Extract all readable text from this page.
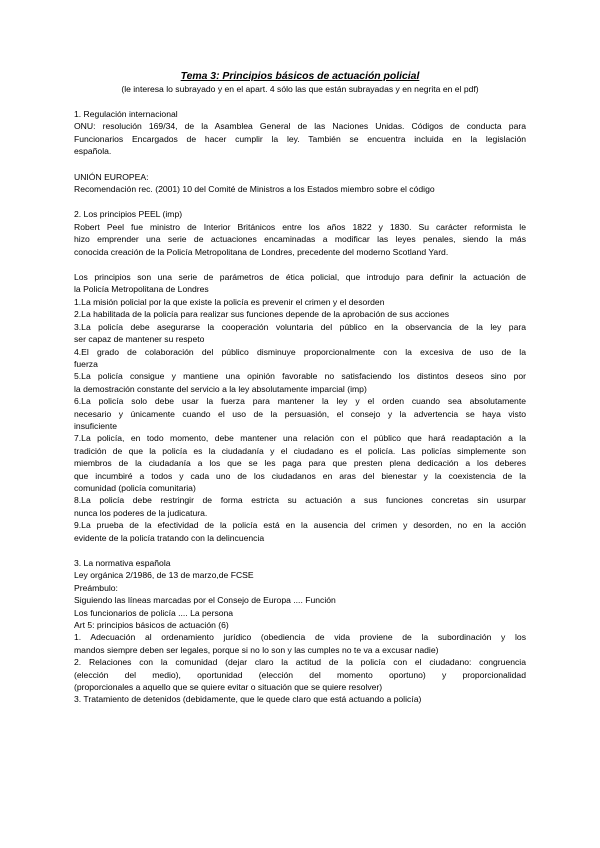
Tema 3: Principios básicos de actuación policial

(le interesa lo subrayado y en el apart. 4 sólo las que están subrayadas y en negrita en el pdf)

1. Regulación internacional

ONU: resolución 169/34, de la Asamblea General de las Naciones Unidas. Códigos de conducta para

Funcionarios Encargados de hacer cumplir la ley. También se encuentra incluida en la legislación

española.

UNIÓN EUROPEA:

Recomendación rec. (2001) 10 del Comité de Ministros a los Estados miembro sobre el código

2. Los principios PEEL (imp)

Robert Peel fue ministro de Interior Británicos entre los años 1822 y 1830. Su carácter reformista le

hizo emprender una serie de actuaciones encaminadas a modificar las leyes penales, siendo la más

conocida creación de la Policía Metropolitana de Londres, precedente del moderno Scotland Yard.

Los principios son una serie de parámetros de ética policial, que introdujo para definir la actuación de

la Policía Metropolitana de Londres

1.La misión policial por la que existe la policía es prevenir el crimen y el desorden

2.La habilitada de la policía para realizar sus funciones depende de la aprobación de sus acciones

3.La policía debe asegurarse la cooperación voluntaria del público en la observancia de la ley para

ser capaz de mantener su respeto

4.El grado de colaboración del público disminuye proporcionalmente con la excesiva de uso de la

fuerza

5.La policía consigue y mantiene una opinión favorable no satisfaciendo los distintos deseos sino por

la demostración constante del servicio a la ley absolutamente imparcial (imp)

6.La policía solo debe usar la fuerza para mantener la ley y el orden cuando sea absolutamente

necesario y únicamente cuando el uso de la persuasión, el consejo y la advertencia se haya visto

insuficiente

7.La policía, en todo momento, debe mantener una relación con el público que hará readaptación a la

tradición de que la policía es la ciudadanía y el ciudadano es el policía. Las policías simplemente son

miembros de la ciudadanía a los que se les paga para que presten plena dedicación a los deberes

que incumbiré a todos y cada uno de los ciudadanos en aras del bienestar y la coexistencia de la

comunidad (policía comunitaria)

8.La policía debe restringir de forma estricta su actuación a sus funciones concretas sin usurpar

nunca los poderes de la judicatura.

9.La prueba de la efectividad de la policía está en la ausencia del crimen y desorden, no en la acción

evidente de la policía tratando con la delincuencia

3. La normativa española

Ley orgánica 2/1986, de 13 de marzo,de FCSE

Preámbulo:

Siguiendo las líneas marcadas por el Consejo de Europa .... Función

Los funcionarios de policía .... La persona

Art 5: principios básicos de actuación (6)

1. Adecuación al ordenamiento jurídico (obediencia de vida proviene de la subordinación y los

mandos siempre deben ser legales, porque si no lo son y las cumples no te va a excusar nadie)

2. Relaciones con la comunidad (dejar claro la actitud de la policía con el ciudadano: congruencia

(elección del medio), oportunidad (elección del momento oportuno) y proporcionalidad

(proporcionales a aquello que se quiere evitar o situación que se quiere resolver)

3. Tratamiento de detenidos (debidamente, que le quede claro que está actuando a policía)
